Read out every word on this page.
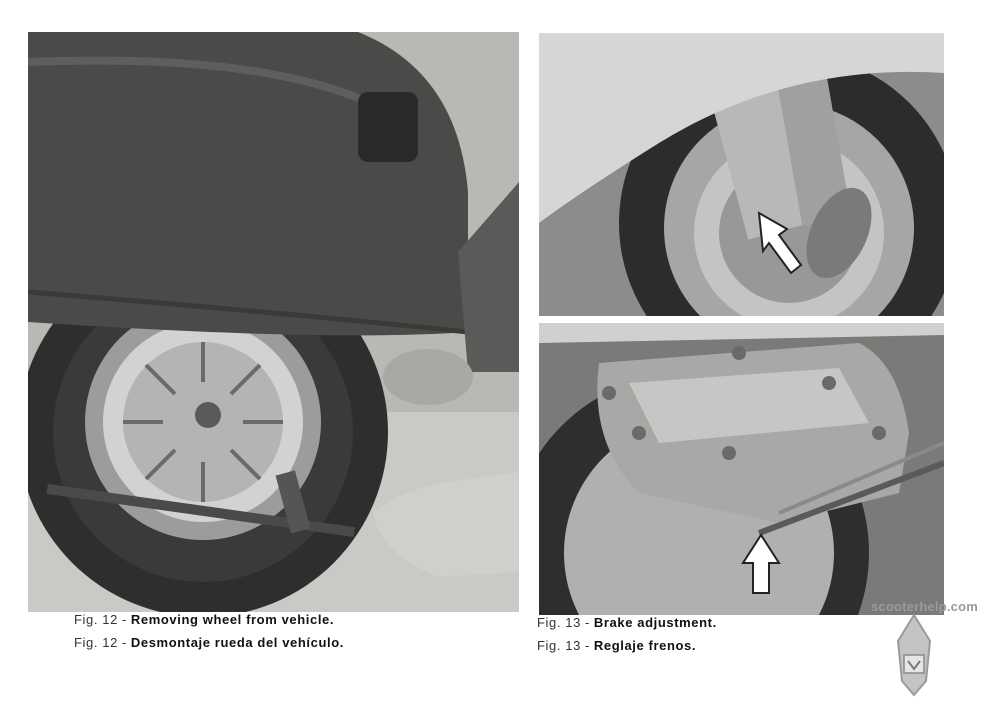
Fig. 12 - Removing wheel from vehicle.
Fig. 12 - Desmontaje rueda del vehículo.
Fig. 13 - Brake adjustment.
Fig. 13 - Reglaje frenos.
scooterhelp.com
